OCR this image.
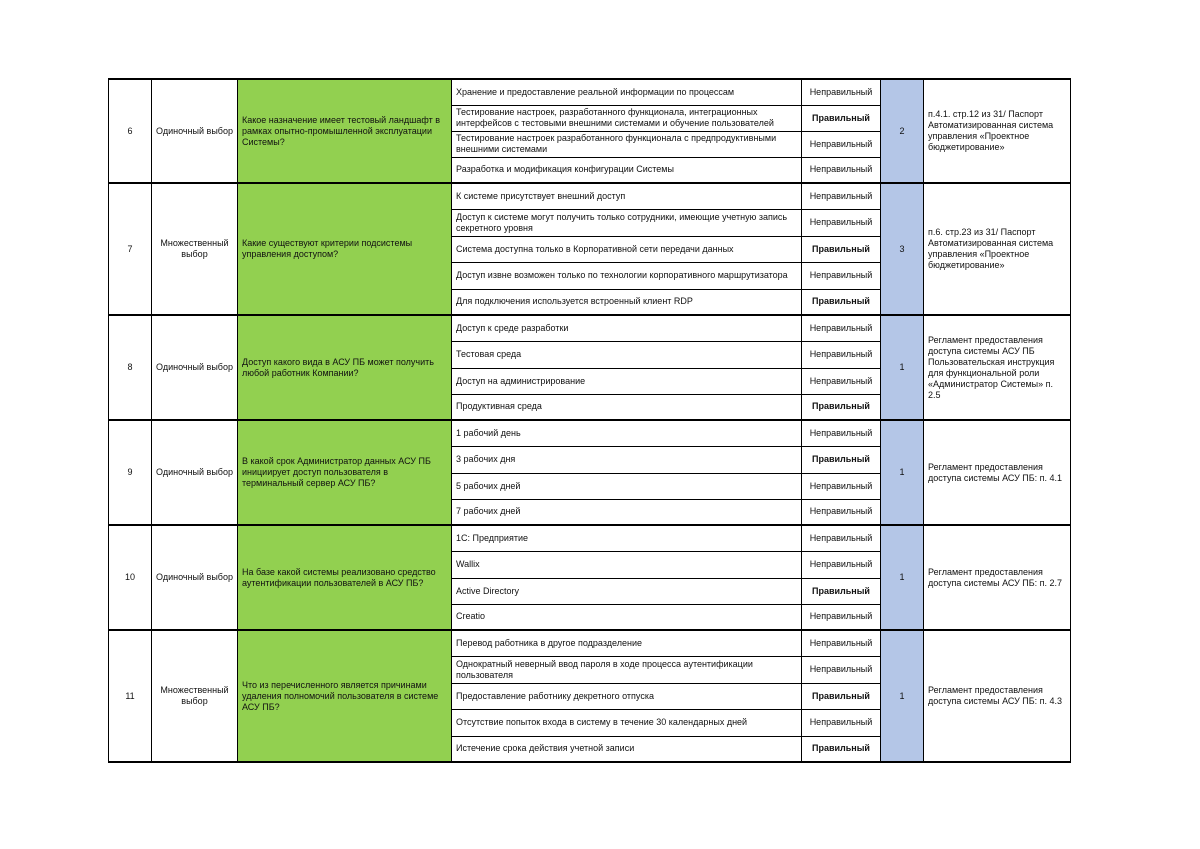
6	Одиночный выбор	Какое назначение имеет тестовый ландшафт в рамках опытно-промышленной эксплуатации Системы?	Хранение и предоставление реальной информации по процессам	Неправильный	2	п.4.1. стр.12 из 31/ Паспорт Автоматизированная система управления «Проектное бюджетирование»
			Тестирование настроек, разработанного функционала, интеграционных интерфейсов с тестовыми внешними системами и обучение пользователей	Правильный		
			Тестирование настроек разработанного функционала с предпродуктивными внешними системами	Неправильный		
			Разработка и модификация конфигурации Системы	Неправильный		
7	Множественный выбор	Какие существуют критерии подсистемы управления доступом?	К системе присутствует внешний доступ	Неправильный	3	п.6. стр.23 из 31/ Паспорт Автоматизированная система управления «Проектное бюджетирование»
			Доступ к системе могут получить только сотрудники, имеющие учетную запись секретного уровня	Неправильный		
			Система доступна только в Корпоративной сети передачи данных	Правильный		
			Доступ извне возможен только по технологии корпоративного маршрутизатора	Неправильный		
			Для подключения используется встроенный клиент RDP	Правильный		
8	Одиночный выбор	Доступ какого вида в АСУ ПБ может получить любой работник Компании?	Доступ к среде разработки	Неправильный	1	Регламент предоставления доступа системы АСУ ПБ Пользовательская инструкция для функциональной роли «Администратор Системы» п. 2.5
			Тестовая среда	Неправильный		
			Доступ на администрирование	Неправильный		
			Продуктивная среда	Правильный		
9	Одиночный выбор	В какой срок Администратор данных АСУ ПБ инициирует доступ пользователя в терминальный сервер АСУ ПБ?	1 рабочий день	Неправильный	1	Регламент предоставления доступа системы АСУ ПБ: п. 4.1
			3 рабочих дня	Правильный		
			5 рабочих дней	Неправильный		
			7 рабочих дней	Неправильный		
10	Одиночный выбор	На базе какой системы реализовано средство аутентификации пользователей в АСУ ПБ?	1С: Предприятие	Неправильный	1	Регламент предоставления доступа системы АСУ ПБ: п. 2.7
			Wallix	Неправильный		
			Active Directory	Правильный		
			Creatio	Неправильный		
11	Множественный выбор	Что из перечисленного является причинами удаления полномочий пользователя в системе АСУ ПБ?	Перевод работника в другое подразделение	Неправильный	1	Регламент предоставления доступа системы АСУ ПБ: п. 4.3
			Однократный неверный ввод пароля в ходе процесса аутентификации пользователя	Неправильный		
			Предоставление работнику декретного отпуска	Правильный		
			Отсутствие попыток входа в систему в течение 30 календарных дней	Неправильный		
			Истечение срока действия учетной записи	Правильный		
